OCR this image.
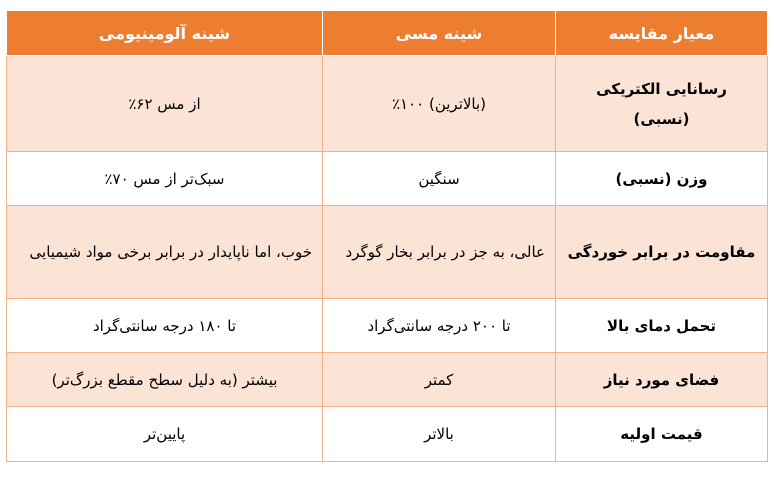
معیار مقایسه	شینه مسی	شینه آلومینیومی
رسانایی الکتریکی (نسبی)	(بالاترین) ۱۰۰٪	از مس ۶۲٪
وزن (نسبی)	سنگین	سبک‌تر از مس ۷۰٪
مقاومت در برابر خوردگی	عالی، به جز در برابر بخار گوگرد	خوب، اما ناپایدار در برابر برخی مواد شیمیایی
تحمل دمای بالا	تا ۲۰۰ درجه سانتی‌گراد	تا ۱۸۰ درجه سانتی‌گراد
فضای مورد نیاز	کمتر	بیشتر (به دلیل سطح مقطع بزرگ‌تر)
قیمت اولیه	بالاتر	پایین‌تر
